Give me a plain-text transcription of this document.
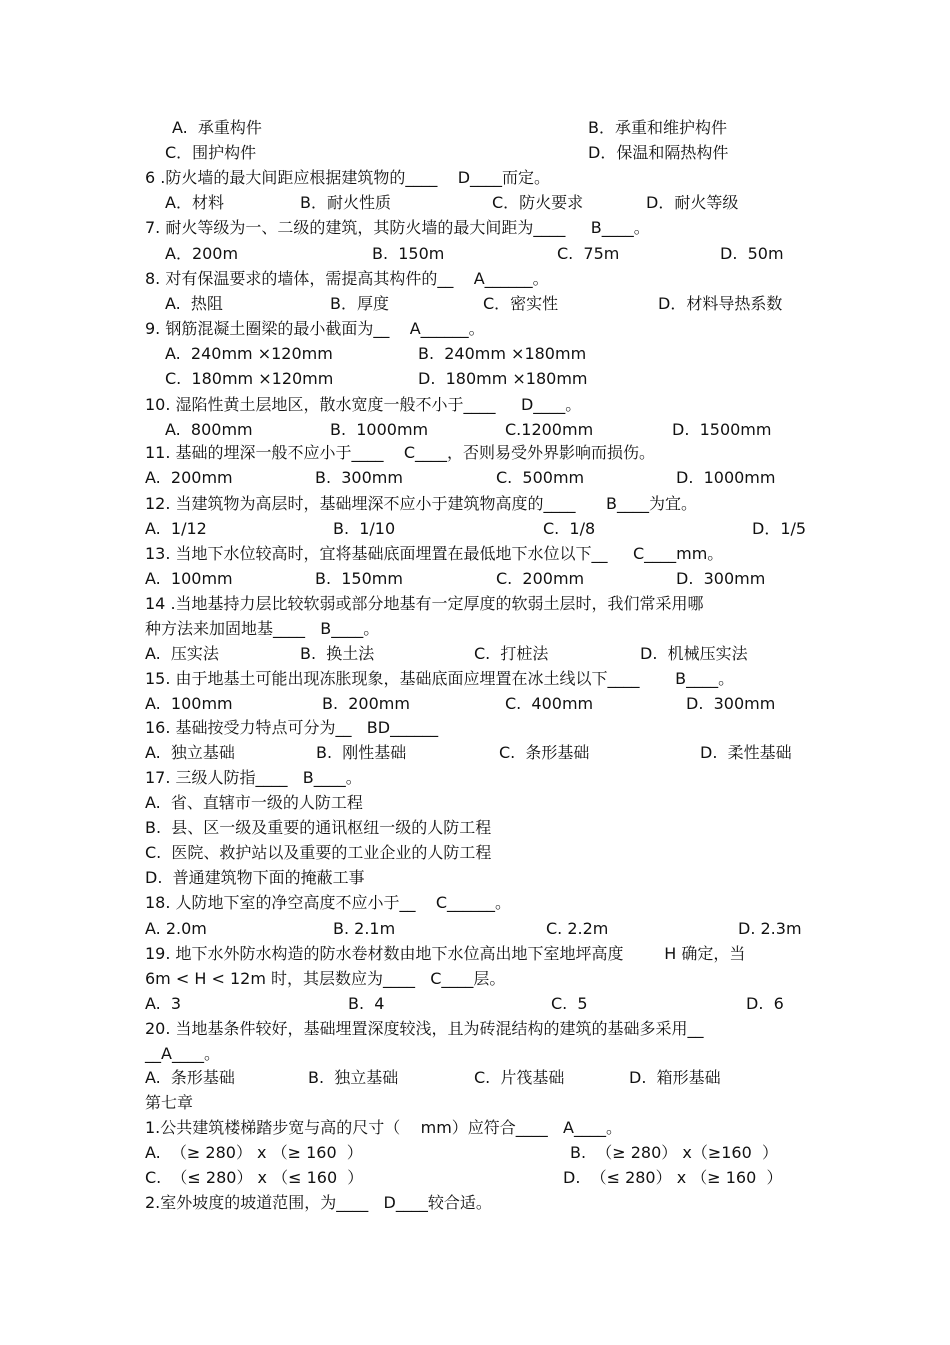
A.  承重构件	B．承重和维护构件
C．围护构件	D．保温和隔热构件
6 .防火墙的最大间距应根据建筑物的____    D____而定。
A．材料	B．耐火性质	C．防火要求	D．耐火等级
7. 耐火等级为一、二级的建筑，其防火墙的最大间距为____     B____。
A．200m	B.  150m	C.  75m	D.  50m
8. 对有保温要求的墙体，需提高其构件的__    A______。
A.  热阻	B．厚度	C．密实性	D．材料导热系数
9. 钢筋混凝土圈梁的最小截面为__    A______。
A.  240mm ×120mm	B.  240mm ×180mm
C.  180mm ×120mm	D.  180mm ×180mm
10. 湿陷性黄土层地区，散水宽度一般不小于____     D____。
A.  800mm	B.  1000mm	C.1200mm	D.  1500mm
11. 基础的埋深一般不应小于____    C____，否则易受外界影响而损伤。
A.  200mm	B.  300mm	C.  500mm	D.  1000mm
12. 当建筑物为高层时，基础埋深不应小于建筑物高度的____      B____为宜。
A.  1/12	B.  1/10	C.  1/8	D．1/5
13. 当地下水位较高时，宜将基础底面埋置在最低地下水位以下__     C____mm。
A.  100mm	B.  150mm	C.  200mm	D.  300mm
14 .当地基持力层比较软弱或部分地基有一定厚度的软弱土层时，我们常采用哪
种方法来加固地基____   B____。
A.  压实法	B.  换土法	C.  打桩法	D.  机械压实法
15. 由于地基土可能出现冻胀现象，基础底面应埋置在冰土线以下____       B____。
A.  100mm	B.  200mm	C.  400mm	D.  300mm
16. 基础按受力特点可分为__   BD______
A.  独立基础	B.  刚性基础	C.  条形基础	D.  柔性基础
17. 三级人防指____   B____。
A.  省、直辖市一级的人防工程
B.  县、区一级及重要的通讯枢纽一级的人防工程
C.  医院、救护站以及重要的工业企业的人防工程
D.  普通建筑物下面的掩蔽工事
18. 人防地下室的净空高度不应小于__    C______。
A. 2.0m	B. 2.1m	C. 2.2m	D. 2.3m
19. 地下水外防水构造的防水卷材数由地下水位高出地下室地坪高度        H 确定，当
6m < H < 12m 时，其层数应为____   C____层。
A.  3	B.  4	C.  5	D.  6
20. 当地基条件较好，基础埋置深度较浅，且为砖混结构的建筑的基础多采用__
__A____。
A.  条形基础	B.  独立基础	C.  片筏基础	D.  箱形基础
第七章
1.公共建筑楼梯踏步宽与高的尺寸（    mm）应符合____   A____。
A.  （≥ 280） x （≥ 160  ）	B.  （≥ 280） x（≥160  ）
C.  （≤ 280） x （≤ 160  ）	D.  （≤ 280） x （≥ 160  ）
2.室外坡度的坡道范围，为____   D____较合适。
